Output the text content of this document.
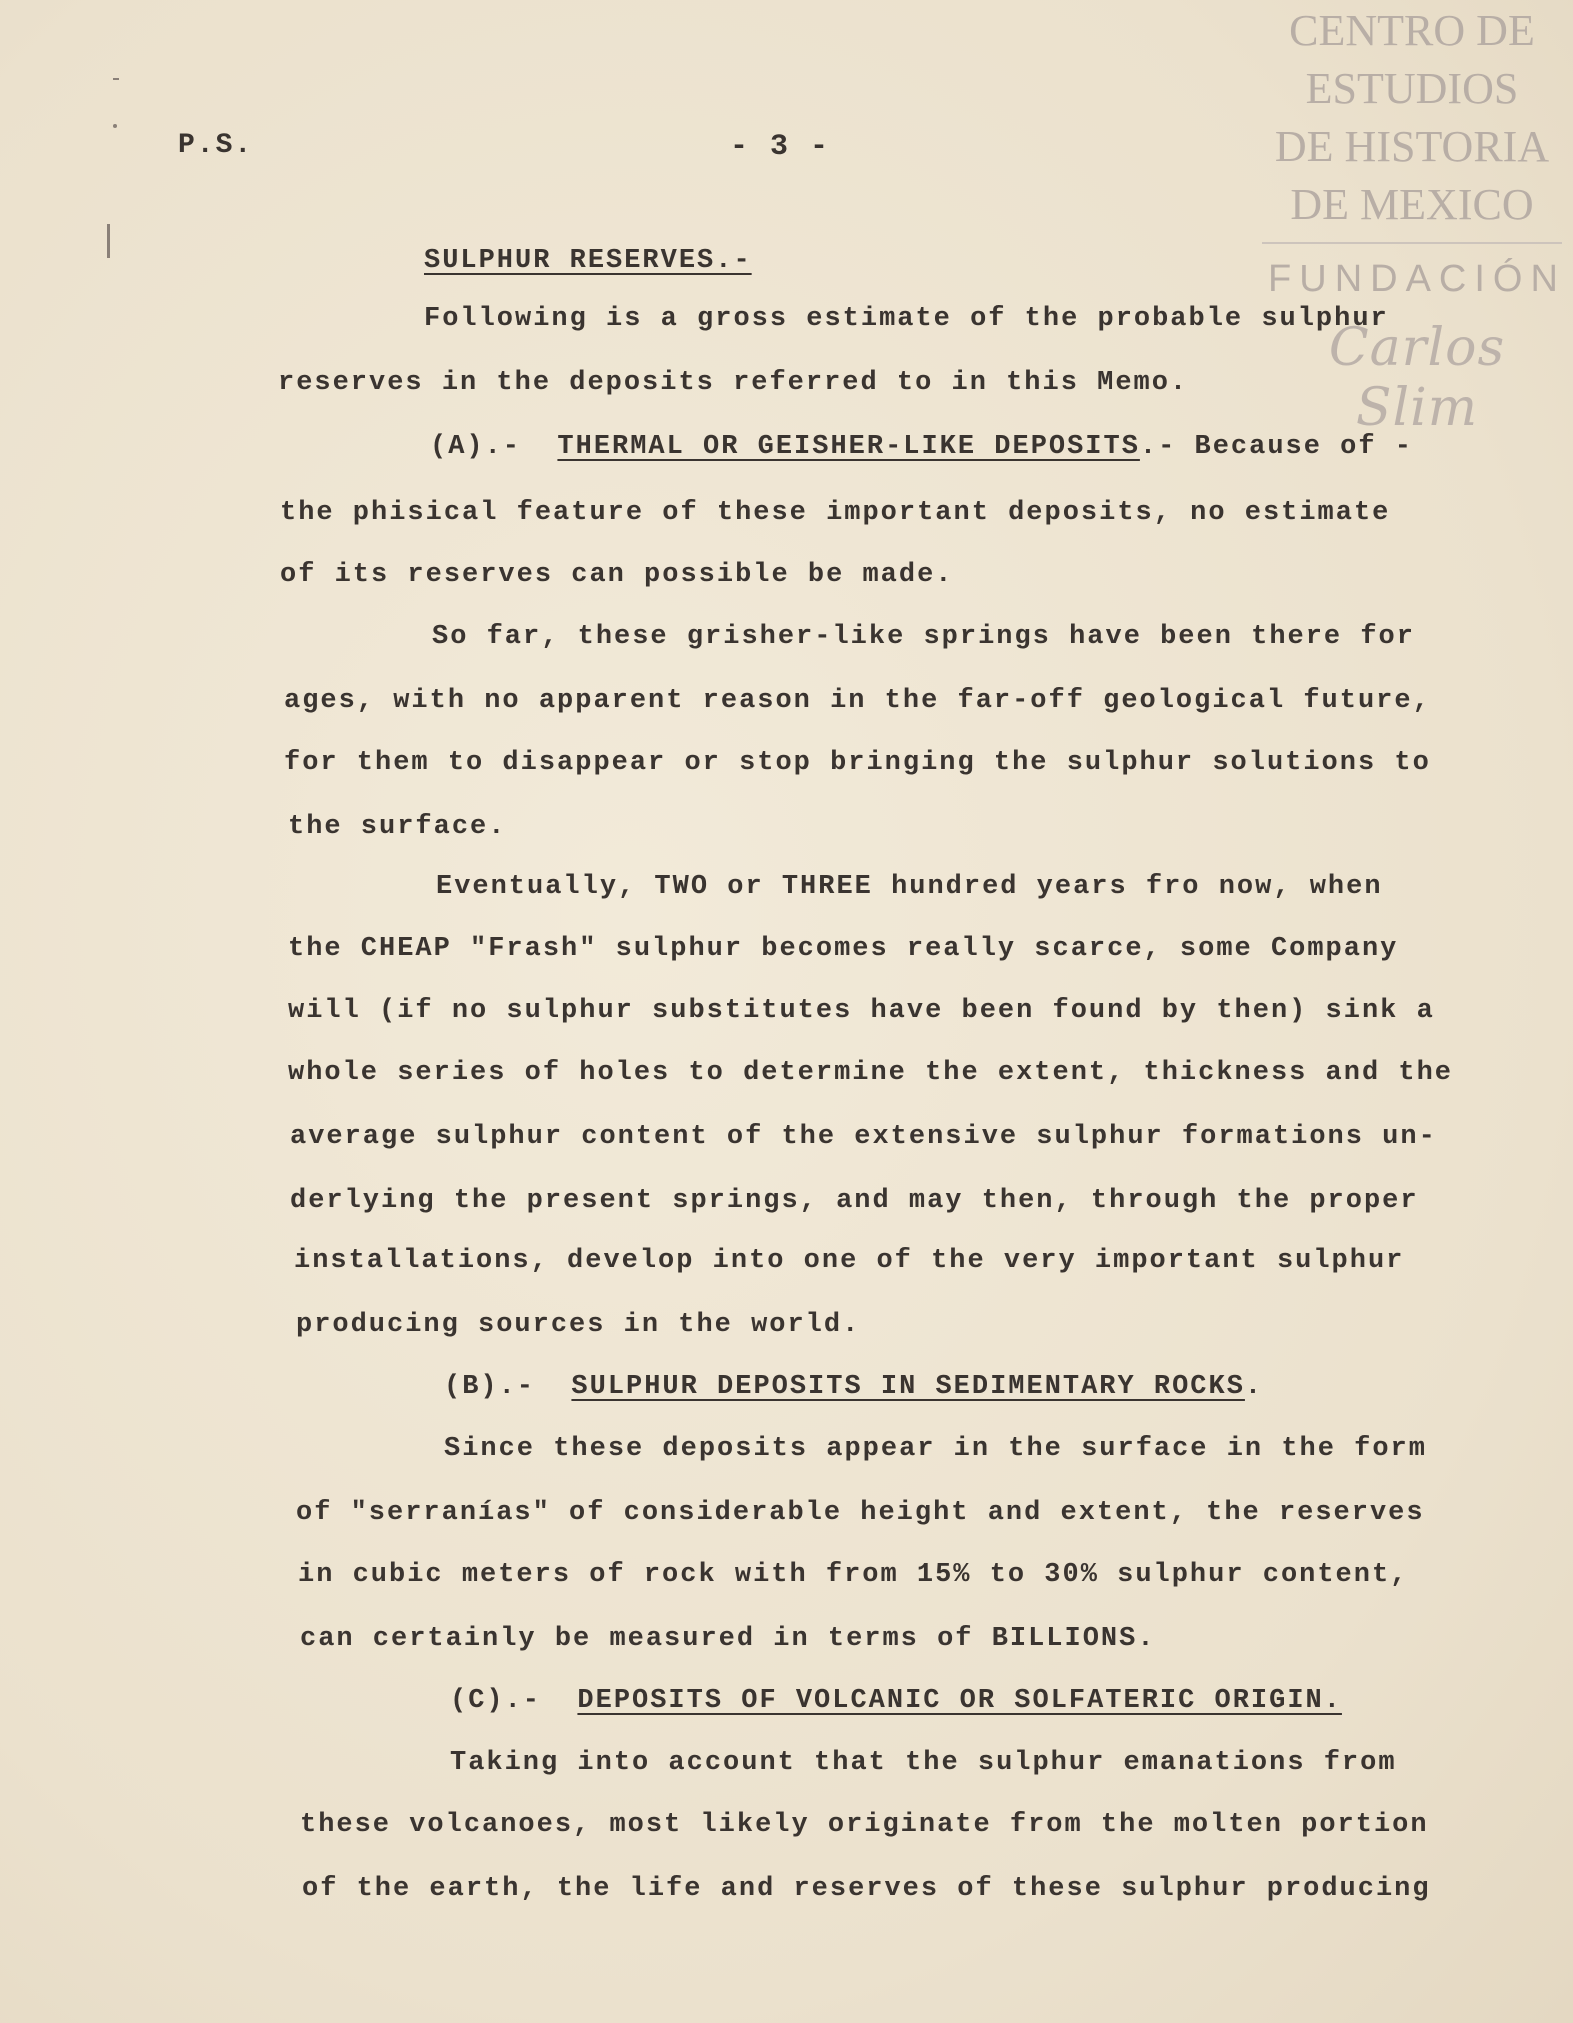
CENTRO DE
ESTUDIOS
DE HISTORIA
DE MEXICO
FUNDACIÓN
Carlos Slim
P.S.	- 3 -
SULPHUR RESERVES.-
Following is a gross estimate of the probable sulphur
reserves in the deposits referred to in this Memo.
(A).- THERMAL OR GEISHER-LIKE DEPOSITS.- Because of -
the phisical feature of these important deposits, no estimate
of its reserves can possible be made.
So far, these grisher-like springs have been there for
ages, with no apparent reason in the far-off geological future,
for them to disappear or stop bringing the sulphur solutions to
the surface.
Eventually, TWO or THREE hundred years fro now, when
the CHEAP "Frash" sulphur becomes really scarce, some Company
will (if no sulphur substitutes have been found by then) sink a
whole series of holes to determine the extent, thickness and the
average sulphur content of the extensive sulphur formations un-
derlying the present springs, and may then, through the proper
installations, develop into one of the very important sulphur
producing sources in the world.
(B).- SULPHUR DEPOSITS IN SEDIMENTARY ROCKS.
Since these deposits appear in the surface in the form
of "serranías" of considerable height and extent, the reserves
in cubic meters of rock with from 15% to 30% sulphur content,
can certainly be measured in terms of BILLIONS.
(C).- DEPOSITS OF VOLCANIC OR SOLFATERIC ORIGIN.
Taking into account that the sulphur emanations from
these volcanoes, most likely originate from the molten portion
of the earth, the life and reserves of these sulphur producing
